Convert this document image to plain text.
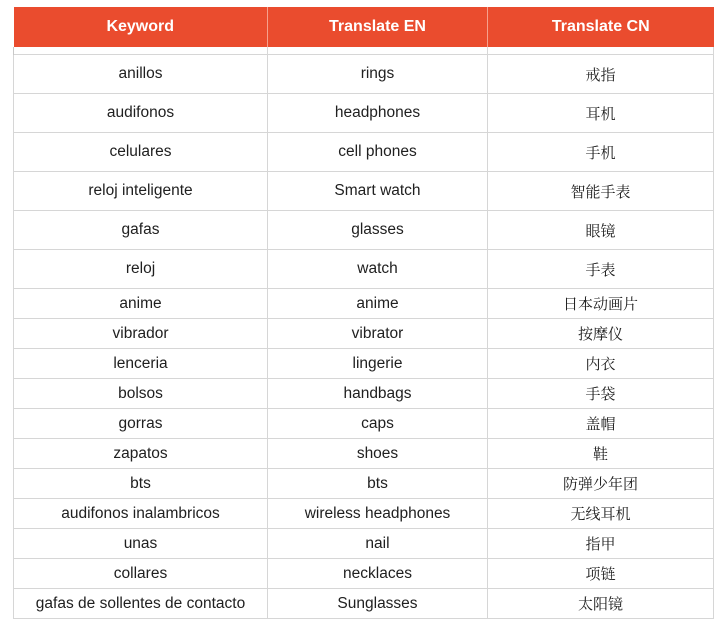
Keyword	Translate EN	Translate CN

anillos	rings	戒指
audifonos	headphones	耳机
celulares	cell phones	手机
reloj inteligente	Smart watch	智能手表
gafas	glasses	眼镜
reloj	watch	手表
anime	anime	日本动画片
vibrador	vibrator	按摩仪
lenceria	lingerie	内衣
bolsos	handbags	手袋
gorras	caps	盖帽
zapatos	shoes	鞋
bts	bts	防弹少年团
audifonos inalambricos	wireless headphones	无线耳机
unas	nail	指甲
collares	necklaces	项链
gafas de sollentes de contacto	Sunglasses	太阳镜
